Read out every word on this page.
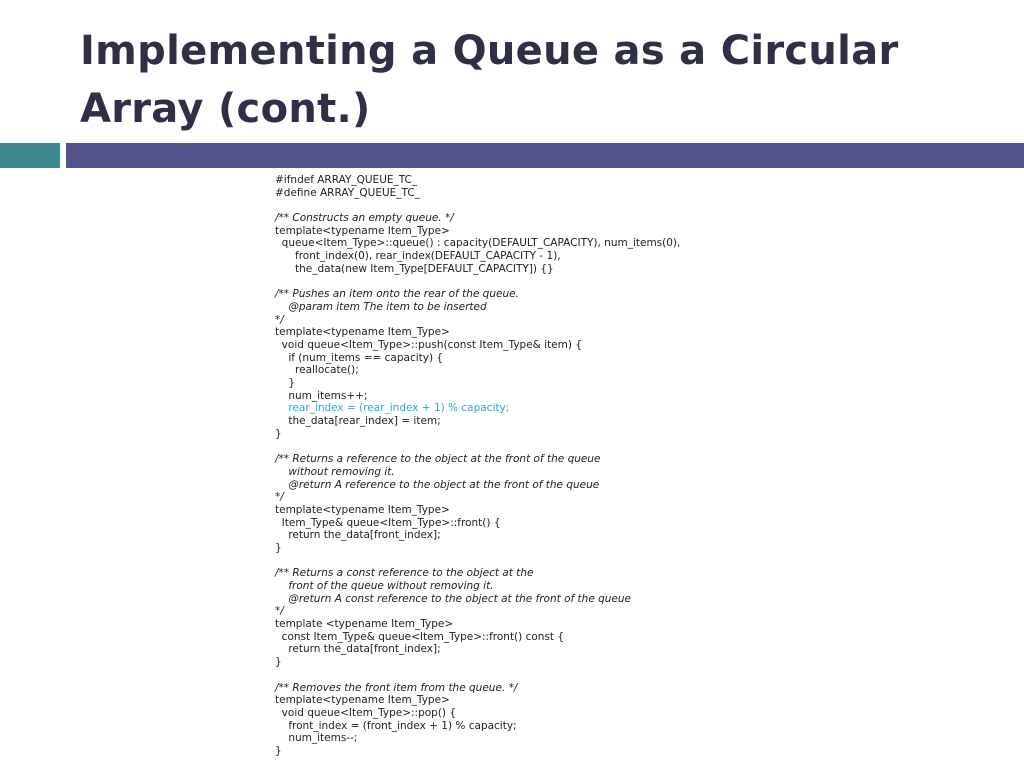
Implementing a Queue as a Circular Array (cont.)
#ifndef ARRAY_QUEUE_TC_
#define ARRAY_QUEUE_TC_
/** Constructs an empty queue. */
template<typename Item_Type>
queue<Item_Type>::queue() : capacity(DEFAULT_CAPACITY), num_items(0),
front_index(0), rear_index(DEFAULT_CAPACITY - 1),
the_data(new Item_Type[DEFAULT_CAPACITY]) {}
/** Pushes an item onto the rear of the queue.
@param item The item to be inserted
*/
template<typename Item_Type>
void queue<Item_Type>::push(const Item_Type& item) {
if (num_items == capacity) {
reallocate();
}
num_items++;
rear_index = (rear_index + 1) % capacity;
the_data[rear_index] = item;
}
/** Returns a reference to the object at the front of the queue
without removing it.
@return A reference to the object at the front of the queue
*/
template<typename Item_Type>
Item_Type& queue<Item_Type>::front() {
return the_data[front_index];
}
/** Returns a const reference to the object at the
front of the queue without removing it.
@return A const reference to the object at the front of the queue
*/
template <typename Item_Type>
const Item_Type& queue<Item_Type>::front() const {
return the_data[front_index];
}
/** Removes the front item from the queue. */
template<typename Item_Type>
void queue<Item_Type>::pop() {
front_index = (front_index + 1) % capacity;
num_items--;
}
